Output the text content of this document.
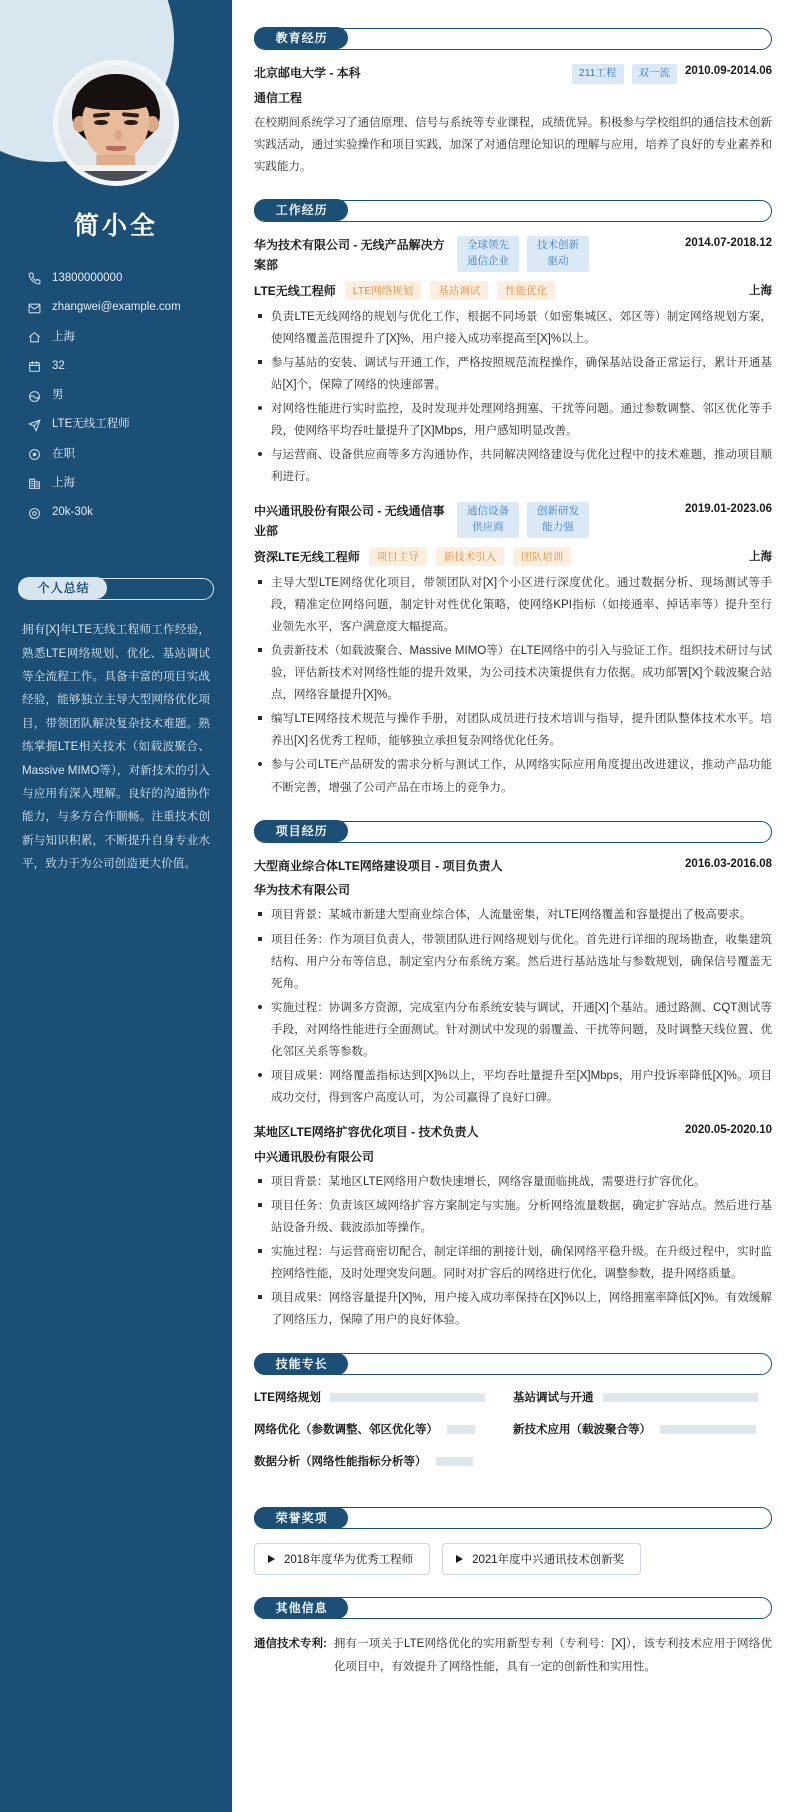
简小全
13800000000
zhangwei@example.com
上海
32
男
LTE无线工程师
在职
上海
20k-30k
个人总结

拥有[X]年LTE无线工程师工作经验，熟悉LTE网络规划、优化、基站调试等全流程工作。具备丰富的项目实战经验，能够独立主导大型网络优化项目，带领团队解决复杂技术难题。熟练掌握LTE相关技术（如载波聚合、Massive MIMO等），对新技术的引入与应用有深入理解。良好的沟通协作能力，与多方合作顺畅。注重技术创新与知识积累，不断提升自身专业水平，致力于为公司创造更大价值。

教育经历
北京邮电大学 - 本科	211工程	双一流	2010.09-2014.06
通信工程

在校期间系统学习了通信原理、信号与系统等专业课程，成绩优异。积极参与学校组织的通信技术创新实践活动，通过实验操作和项目实践，加深了对通信理论知识的理解与应用，培养了良好的专业素养和实践能力。

工作经历
华为技术有限公司 - 无线产品解决方案部
全球领先通信企业
技术创新驱动
2014.07-2018.12
LTE无线工程师	LTE网络规划	基站调试	性能优化	上海
负责LTE无线网络的规划与优化工作，根据不同场景（如密集城区、郊区等）制定网络规划方案，使网络覆盖范围提升了[X]%，用户接入成功率提高至[X]%以上。
参与基站的安装、调试与开通工作，严格按照规范流程操作，确保基站设备正常运行，累计开通基站[X]个，保障了网络的快速部署。
对网络性能进行实时监控，及时发现并处理网络拥塞、干扰等问题。通过参数调整、邻区优化等手段，使网络平均吞吐量提升了[X]Mbps，用户感知明显改善。
与运营商、设备供应商等多方沟通协作，共同解决网络建设与优化过程中的技术难题，推动项目顺利进行。
中兴通讯股份有限公司 - 无线通信事业部
通信设备供应商
创新研发能力强
2019.01-2023.06
资深LTE无线工程师	项目主导	新技术引入	团队培训	上海
主导大型LTE网络优化项目，带领团队对[X]个小区进行深度优化。通过数据分析、现场测试等手段，精准定位网络问题，制定针对性优化策略，使网络KPI指标（如接通率、掉话率等）提升至行业领先水平，客户满意度大幅提高。
负责新技术（如载波聚合、Massive MIMO等）在LTE网络中的引入与验证工作。组织技术研讨与试验，评估新技术对网络性能的提升效果，为公司技术决策提供有力依据。成功部署[X]个载波聚合站点，网络容量提升[X]%。
编写LTE网络技术规范与操作手册，对团队成员进行技术培训与指导，提升团队整体技术水平。培养出[X]名优秀工程师，能够独立承担复杂网络优化任务。
参与公司LTE产品研发的需求分析与测试工作，从网络实际应用角度提出改进建议，推动产品功能不断完善，增强了公司产品在市场上的竞争力。
项目经历
大型商业综合体LTE网络建设项目 - 项目负责人	2016.03-2016.08
华为技术有限公司
项目背景：某城市新建大型商业综合体，人流量密集，对LTE网络覆盖和容量提出了极高要求。
项目任务：作为项目负责人，带领团队进行网络规划与优化。首先进行详细的现场勘查，收集建筑结构、用户分布等信息，制定室内分布系统方案。然后进行基站选址与参数规划，确保信号覆盖无死角。
实施过程：协调多方资源，完成室内分布系统安装与调试，开通[X]个基站。通过路测、CQT测试等手段，对网络性能进行全面测试。针对测试中发现的弱覆盖、干扰等问题，及时调整天线位置、优化邻区关系等参数。
项目成果：网络覆盖指标达到[X]%以上，平均吞吐量提升至[X]Mbps，用户投诉率降低[X]%。项目成功交付，得到客户高度认可，为公司赢得了良好口碑。
某地区LTE网络扩容优化项目 - 技术负责人	2020.05-2020.10
中兴通讯股份有限公司
项目背景：某地区LTE网络用户数快速增长，网络容量面临挑战，需要进行扩容优化。
项目任务：负责该区域网络扩容方案制定与实施。分析网络流量数据，确定扩容站点。然后进行基站设备升级、载波添加等操作。
实施过程：与运营商密切配合，制定详细的割接计划，确保网络平稳升级。在升级过程中，实时监控网络性能，及时处理突发问题。同时对扩容后的网络进行优化，调整参数，提升网络质量。
项目成果：网络容量提升[X]%，用户接入成功率保持在[X]%以上，网络拥塞率降低[X]%。有效缓解了网络压力，保障了用户的良好体验。
技能专长
LTE网络规划	基站调试与开通
网络优化（参数调整、邻区优化等）	新技术应用（载波聚合等）
数据分析（网络性能指标分析等）
荣誉奖项
2018年度华为优秀工程师	2021年度中兴通讯技术创新奖
其他信息
通信技术专利: 拥有一项关于LTE网络优化的实用新型专利（专利号：[X]），该专利技术应用于网络优化项目中，有效提升了网络性能，具有一定的创新性和实用性。
